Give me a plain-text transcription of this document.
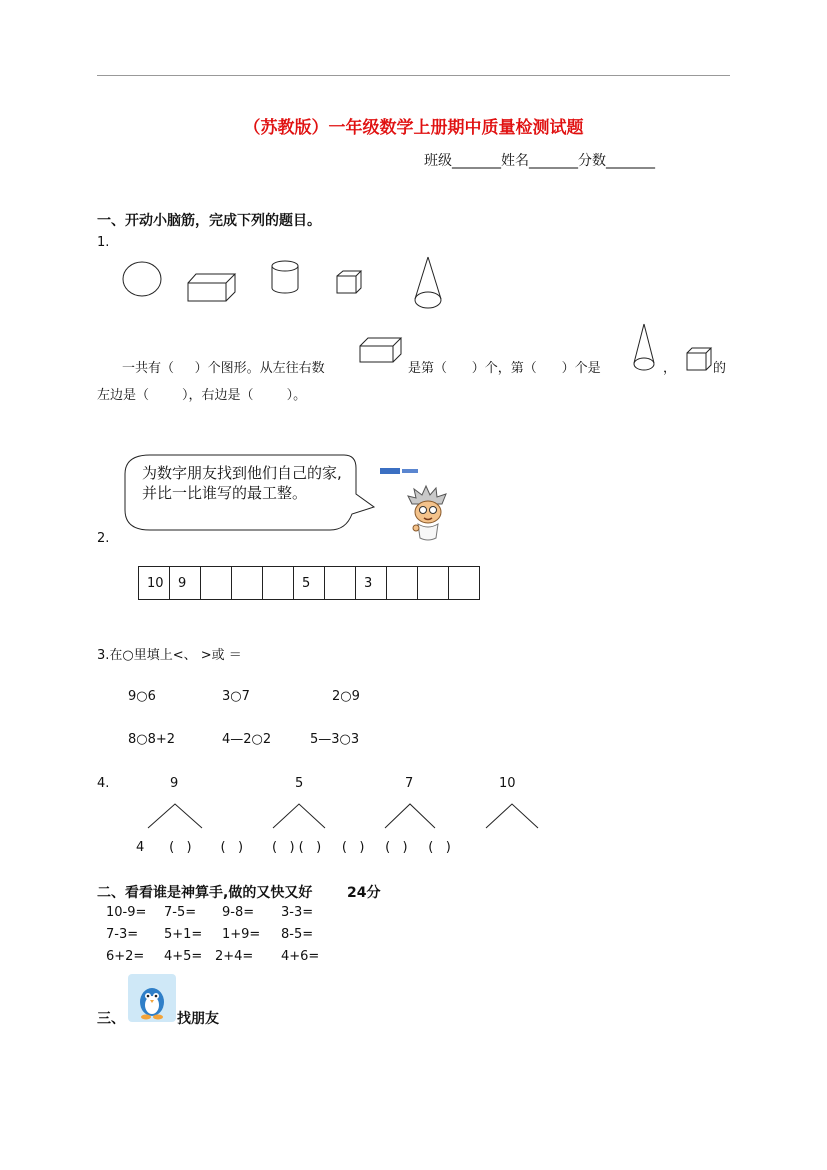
（苏教版）一年级数学上册期中质量检测试题
班级_______姓名_______分数_______
一、开动小脑筋，完成下列的题目。
1.
一共有（     ）个图形。从左往右数	是第（      ）个，第（      ）个是	，	的
左边是（        ），右边是（        ）。
为数字朋友找到他们自己的家,并比一比谁写的最工整。
2.
10	9				5		3			
3.在○里填上<、 >或 ＝
9○6	3○7	2○9
8○8+2	4—2○2	5—3○3
4.	9	5	7	10
4      (   )       (   )       (   ) (   )     (   )     (   )     (   )
二、看看谁是神算手,做的又快又好 24分
10-9= 7-5= 9-8= 3-3=
7-3= 5+1= 1+9= 8-5=
6+2= 4+5= 2+4= 4+6=
三、	找朋友
